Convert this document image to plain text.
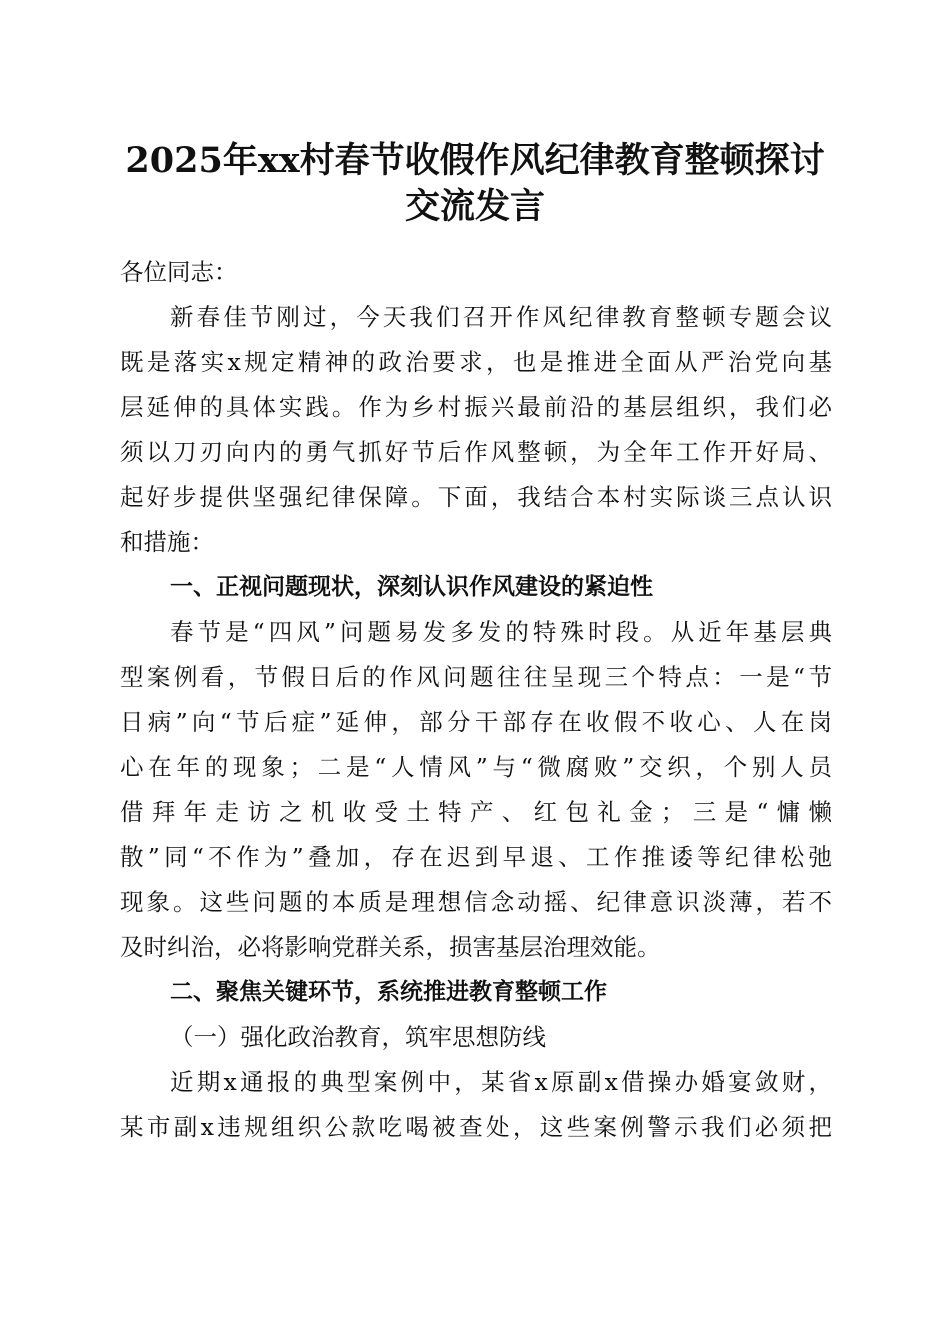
2025年xx村春节收假作风纪律教育整顿探讨
交流发言
各位同志：
新春佳节刚过，今天我们召开作风纪律教育整顿专题会议
既是落实x规定精神的政治要求，也是推进全面从严治党向基
层延伸的具体实践。作为乡村振兴最前沿的基层组织，我们必
须以刀刃向内的勇气抓好节后作风整顿，为全年工作开好局、
起好步提供坚强纪律保障。下面，我结合本村实际谈三点认识
和措施：
一、正视问题现状，深刻认识作风建设的紧迫性
春节是“四风”问题易发多发的特殊时段。从近年基层典
型案例看，节假日后的作风问题往往呈现三个特点：一是“节
日病”向“节后症”延伸，部分干部存在收假不收心、人在岗
心在年的现象；二是“人情风”与“微腐败”交织，个别人员
借拜年走访之机收受土特产、红包礼金；三是“慵懒
散”同“不作为”叠加，存在迟到早退、工作推诿等纪律松弛
现象。这些问题的本质是理想信念动摇、纪律意识淡薄，若不
及时纠治，必将影响党群关系，损害基层治理效能。
二、聚焦关键环节，系统推进教育整顿工作
（一）强化政治教育，筑牢思想防线
近期x通报的典型案例中，某省x原副x借操办婚宴敛财，
某市副x违规组织公款吃喝被查处，这些案例警示我们必须把
